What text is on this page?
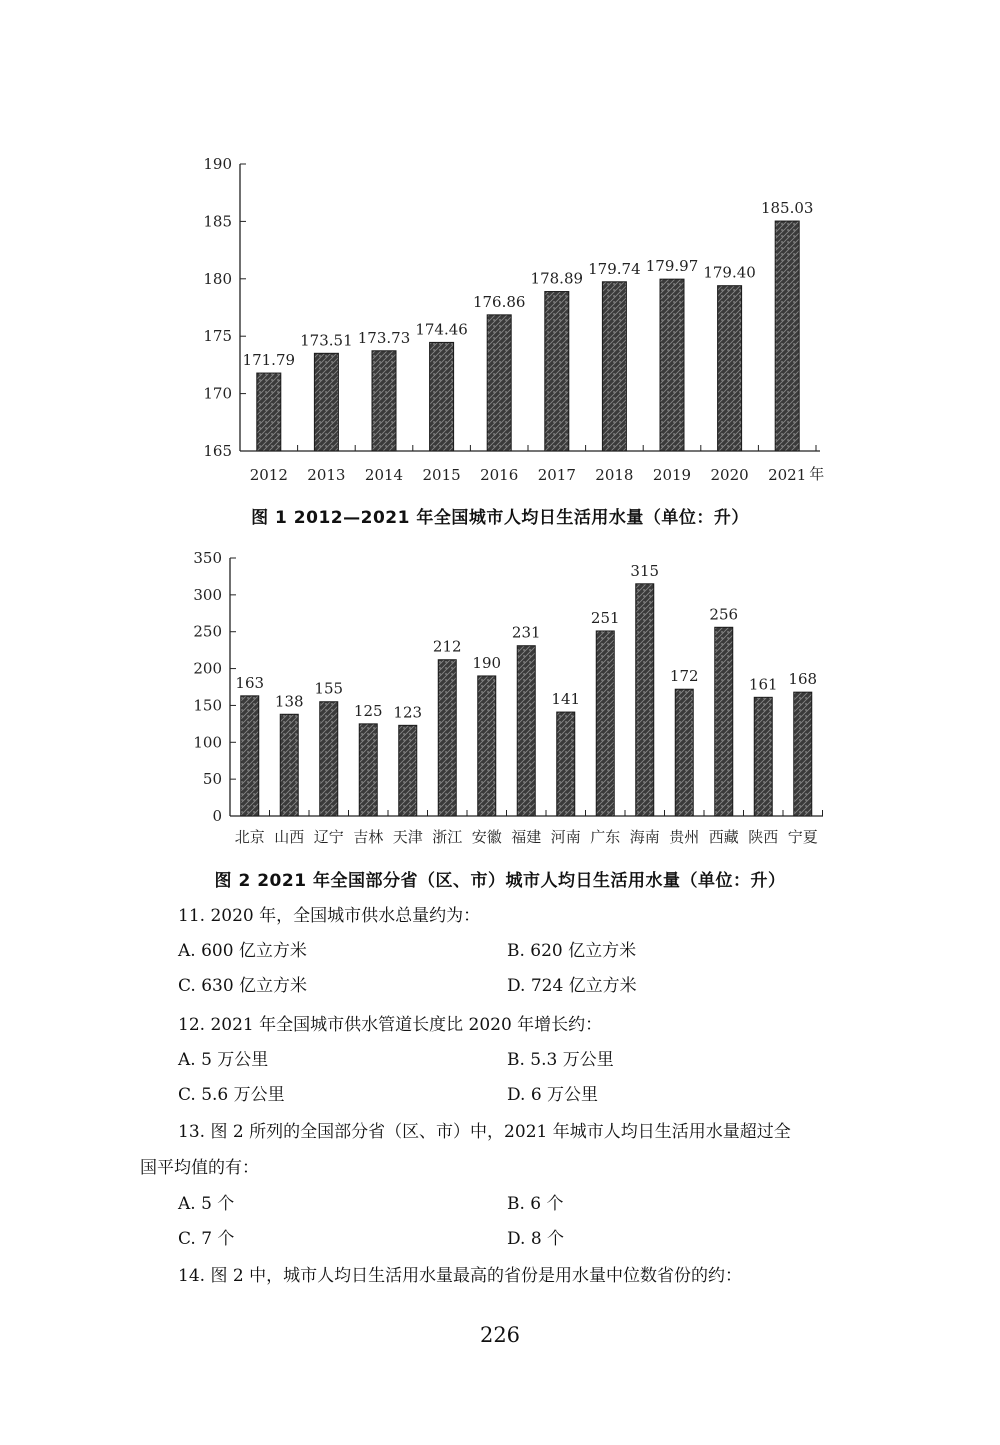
165
170
175
180
185
190
171.79
173.51 173.73 174.46
176.86
178.89
179.74 179.97 179.40
185.03
2012 2013 2014 2015 2016 2017 2018 2019 2020 2021 年
图 1 2012—2021 年全国城市人均日生活用水量（单位：升）
0
50
100
150
200
250
300
350
163
138
155
125 123
212
190
231
141
251
315
172
256
161 168
北京 山西 辽宁 吉林 天津 浙江 安徽 福建 河南 广东 海南 贵州 西藏 陕西 宁夏
图 2 2021 年全国部分省（区、市）城市人均日生活用水量（单位：升）
11. 2020 年，全国城市供水总量约为：
A. 600 亿立方米	B. 620 亿立方米
C. 630 亿立方米	D. 724 亿立方米
12. 2021 年全国城市供水管道长度比 2020 年增长约：
A. 5 万公里	B. 5.3 万公里
C. 5.6 万公里	D. 6 万公里
13. 图 2 所列的全国部分省（区、市）中，2021 年城市人均日生活用水量超过全
国平均值的有：
A. 5 个	B. 6 个
C. 7 个	D. 8 个
14. 图 2 中，城市人均日生活用水量最高的省份是用水量中位数省份的约：
226
